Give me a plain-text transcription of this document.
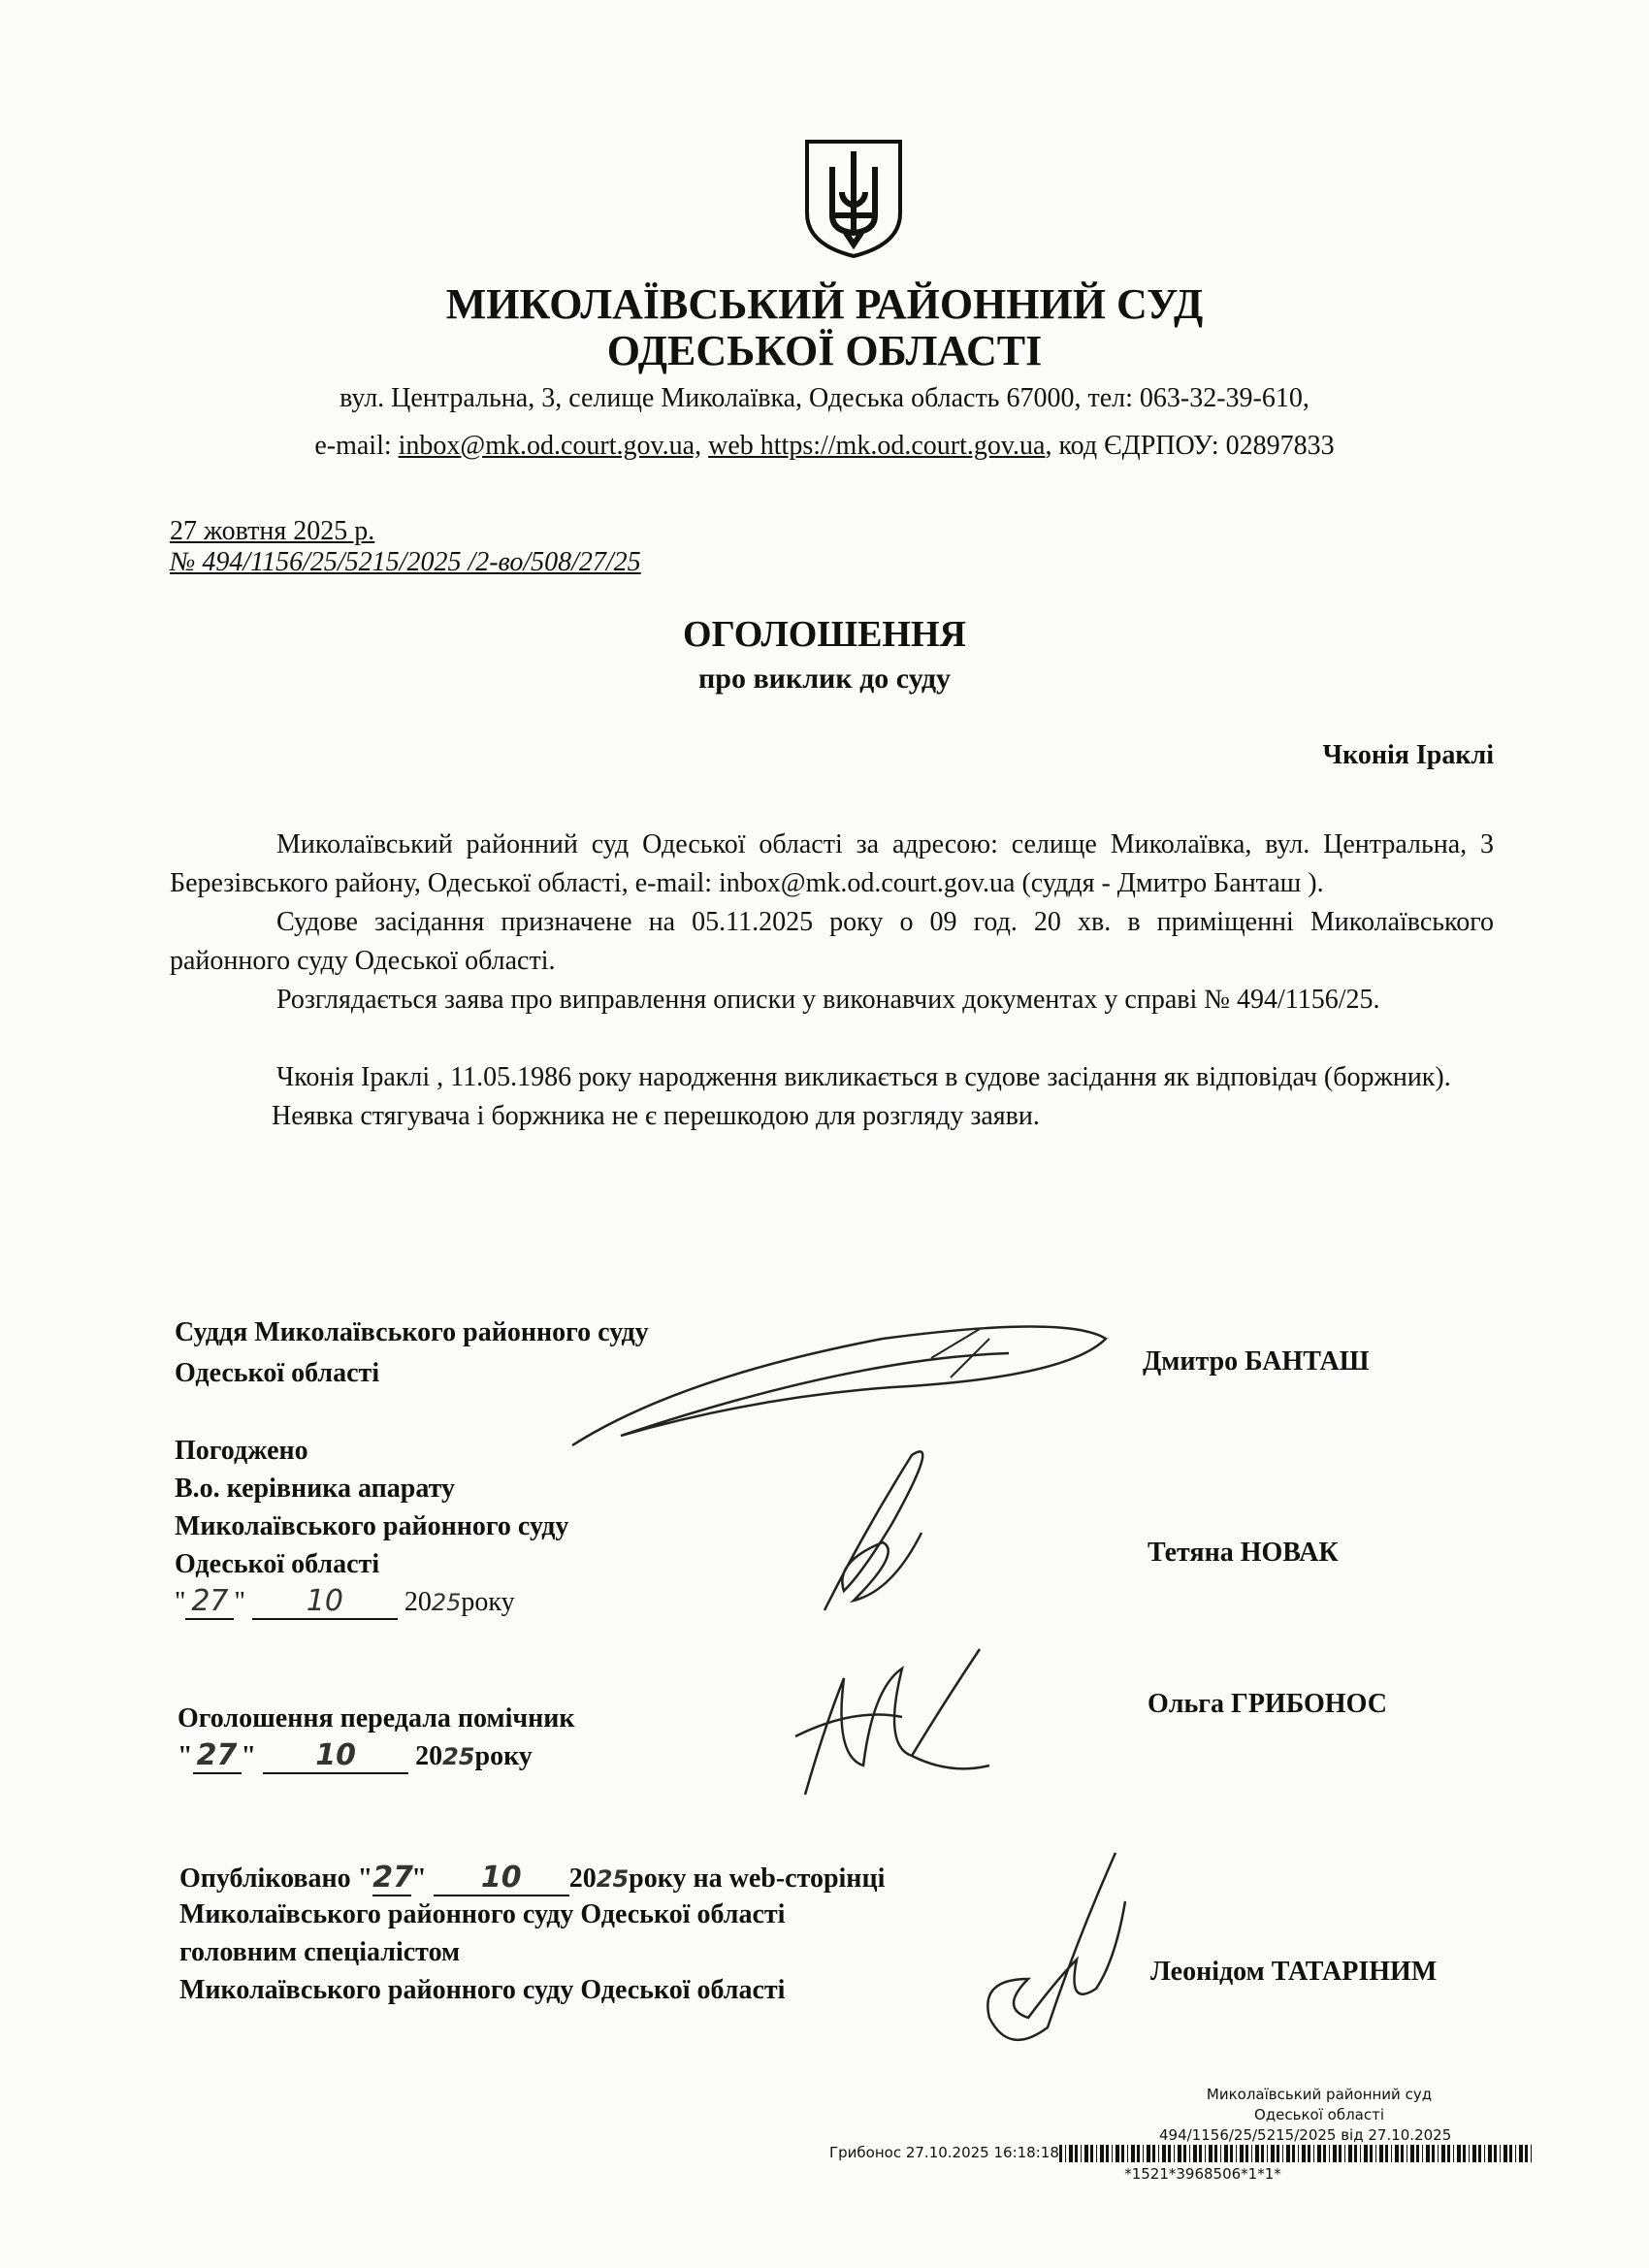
МИКОЛАЇВСЬКИЙ РАЙОННИЙ СУД
ОДЕСЬКОЇ ОБЛАСТІ
вул. Центральна, 3, селище Миколаївка, Одеська область 67000, тел: 063-32-39-610,
e-mail: inbox@mk.od.court.gov.ua, web https://mk.od.court.gov.ua, код ЄДРПОУ: 02897833
27 жовтня 2025 р.
№ 494/1156/25/5215/2025 /2-во/508/27/25
ОГОЛОШЕННЯ
про виклик до суду
Чконія Іраклі

Миколаївський районний суд Одеської області за адресою: селище Миколаївка, вул. Центральна, 3 Березівського району, Одеської області, e-mail: inbox@mk.od.court.gov.ua (суддя - Дмитро Банташ ).

Судове засідання призначене на 05.11.2025 року о 09 год. 20 хв. в приміщенні Миколаївського районного суду Одеської області.

Розглядається заява про виправлення описки у виконавчих документах у справі № 494/1156/25.

Чконія Іраклі , 11.05.1986 року народження викликається в судове засідання як відповідач (боржник).

Неявка стягувача і боржника не є перешкодою для розгляду заяви.

Суддя Миколаївського районного суду
Одеської області	Дмитро БАНТАШ
Погоджено
В.о. керівника апарату
Миколаївського районного суду
Одеської області
" 27 " 10 2025року
Тетяна НОВАК
Оголошення передала помічник
" 27 " 10 2025року
Ольга ГРИБОНОС
Опубліковано "27" 10 2025року на web-сторінці
Миколаївського районного суду Одеської області
головним спеціалістом
Миколаївського районного суду Одеської області
Леонідом ТАТАРІНИМ
Миколаївський районний суд
Одеської області
494/1156/25/5215/2025 від 27.10.2025
Грибонос 27.10.2025 16:18:18
*1521*3968506*1*1*
